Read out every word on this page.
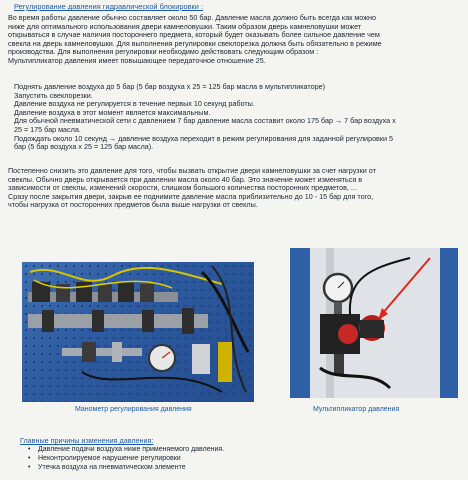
Регулирование давления гидравлической блокировки :
Во время работы давление обычно составляет около 50 бар. Давление масла должно быть всегда как можно
ниже для оптимального использования двери камнеловушки. Таким образом дверь камнеловушки может
открываться в случае наличия постороннего предмета, который будет оказывать более сильное давление чем
свекла на дверь камнеловушки. Для выполнения регулировки свеклорезка должна быть обязательно в режиме
производства. Для выполнения регулировки необходимо действовать следующим образом :
Мультипликатор давления имеет повышающее передаточное отношение 25.
Поднять давление воздуха до 5 бар (5 бар воздуха x 25 = 125 бар масла в мультипликаторе)
Запустить свеклорезки.
Давление воздуха не регулируется в течение первых 10 секунд работы.
Давление воздуха в этот момент является максимальным.
Для обычной пневматической сети с давлением 7 бар давление масла составит около 175 бар → 7 бар воздуха x
25 = 175 бар масла.
Подождать около 10 секунд → давление воздуха переходит в режим регулирования для заданной регулировки 5
бар (5 бар воздуха x 25 = 125 бар масла).
Постепенно снизить это давление для того, чтобы вызвать открытие двери камнеловушки за счет нагрузки от
свеклы. Обычно дверь открывается при давлении масла около 40 бар. Это значение может изменяться в
зависимости от свеклы, изменений скорости, слишком большого количества посторонних предметов, ...
Сразу после закрытия двери, закрыв ее поднимите давление масла приблизительно до 10 - 15 бар для того,
чтобы нагрузка от посторонних предметов была выше нагрузки от свеклы.
Манометр регулирования давления	Мультипликатор давления
Главные причины изменения давления:
• Давление подачи воздуха ниже применяемого давления.
• Неконтролируемое нарушение регулировки
• Утечка воздуха на пневматическом элементе
